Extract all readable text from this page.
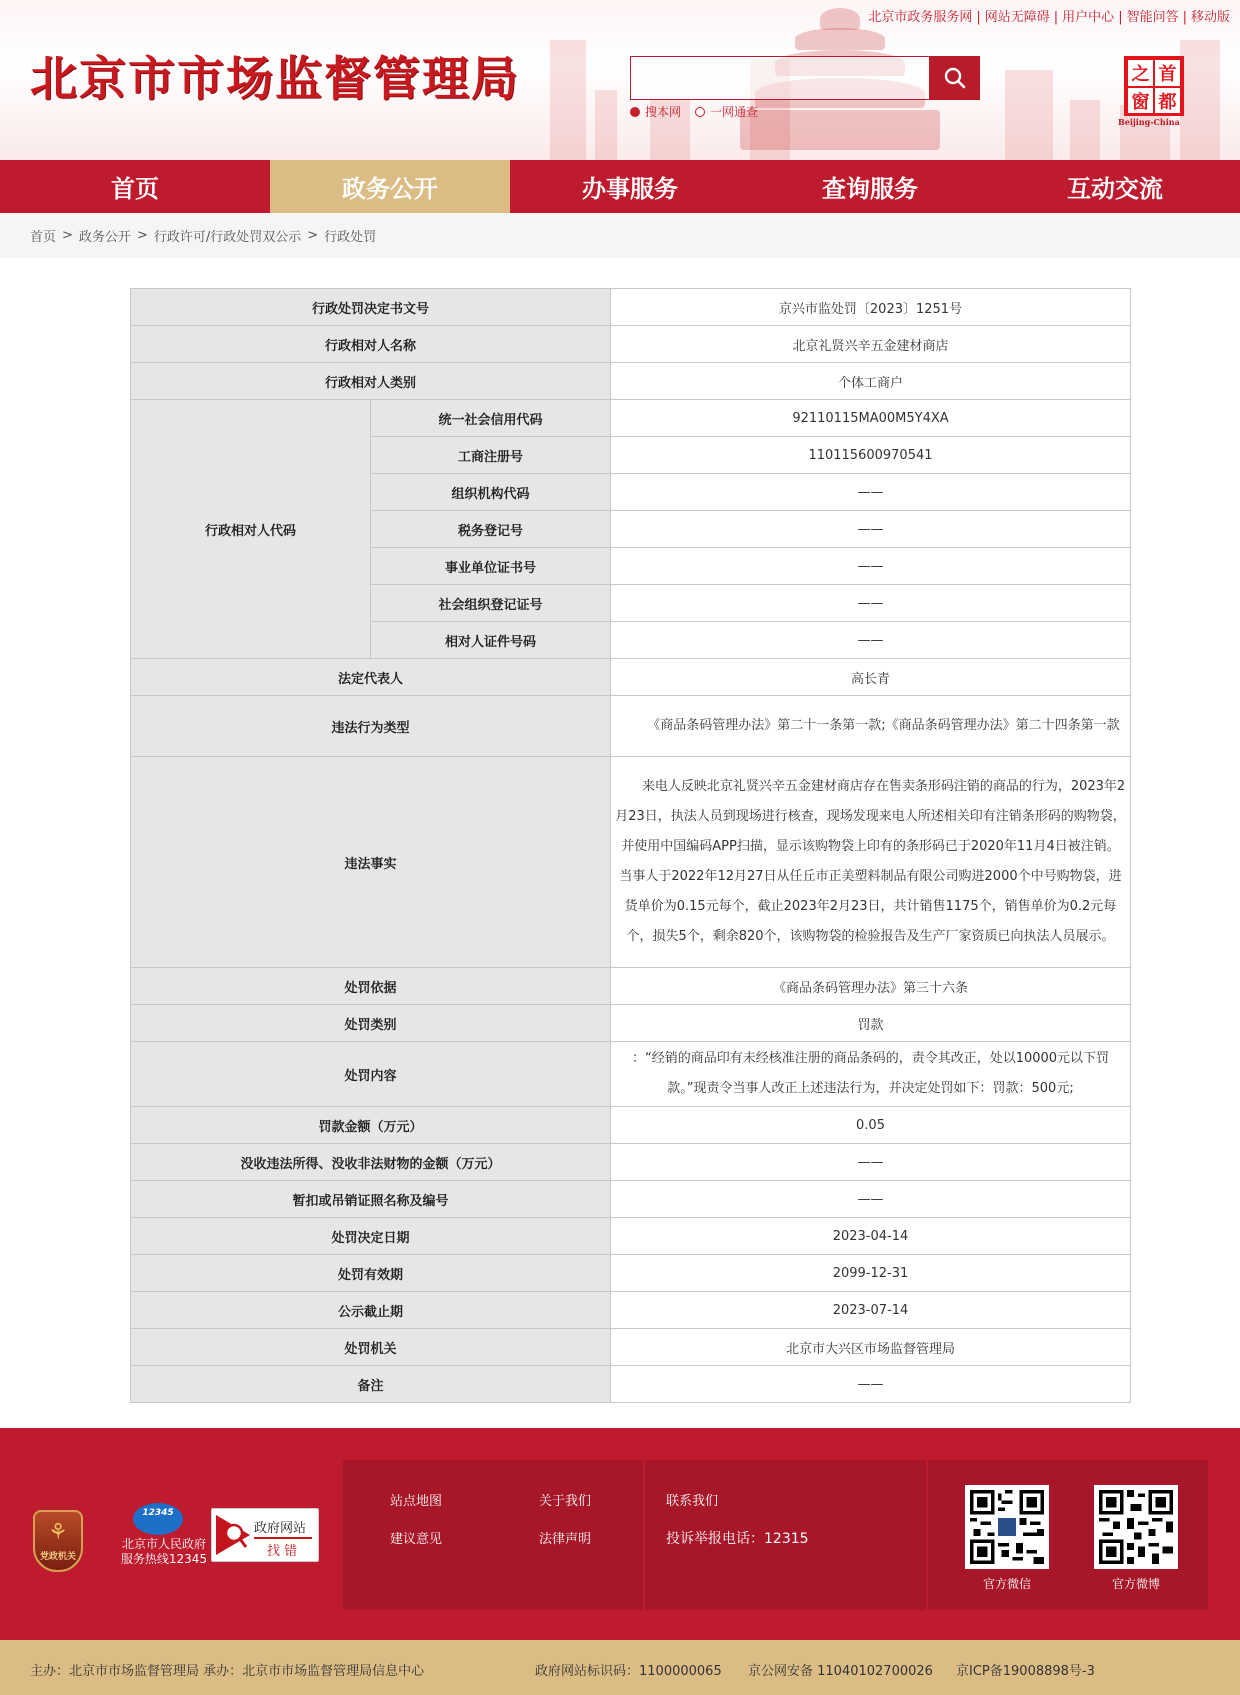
北京市市场监督管理局
北京市政务服务网 | 网站无障碍 | 用户中心 | 智能问答 | 移动版
搜本网	一网通查
之 首
窗 都
Beijing-China
首页	政务公开	办事服务	查询服务	互动交流
首页 > 政务公开 > 行政许可/行政处罚双公示 > 行政处罚
行政处罚决定书文号		京兴市监处罚〔2023〕1251号
行政相对人名称		北京礼贤兴辛五金建材商店
行政相对人类别		个体工商户
行政相对人代码	统一社会信用代码	92110115MA00M5Y4XA
	工商注册号	110115600970541
	组织机构代码	——
	税务登记号	——
	事业单位证书号	——
	社会组织登记证号	——
	相对人证件号码	——
法定代表人		高长青
违法行为类型		《商品条码管理办法》第二十一条第一款;《商品条码管理办法》第二十四条第一款
违法事实		来电人反映北京礼贤兴辛五金建材商店存在售卖条形码注销的商品的行为，2023年2月23日，执法人员到现场进行核查，现场发现来电人所述相关印有注销条形码的购物袋，并使用中国编码APP扫描，显示该购物袋上印有的条形码已于2020年11月4日被注销。当事人于2022年12月27日从任丘市正美塑料制品有限公司购进2000个中号购物袋，进货单价为0.15元每个，截止2023年2月23日，共计销售1175个，销售单价为0.2元每个，损失5个，剩余820个，该购物袋的检验报告及生产厂家资质已向执法人员展示。
处罚依据		《商品条码管理办法》第三十六条
处罚类别		罚款
处罚内容		：“经销的商品印有未经核准注册的商品条码的，责令其改正，处以10000元以下罚款。”现责令当事人改正上述违法行为，并决定处罚如下：罚款：500元;
罚款金额（万元）		0.05
没收违法所得、没收非法财物的金额（万元）		——
暂扣或吊销证照名称及编号		——
处罚决定日期		2023-04-14
处罚有效期		2099-12-31
公示截止期		2023-07-14
处罚机关		北京市大兴区市场监督管理局
备注		——
⚘
党政机关
12345
北京市人民政府
服务热线12345
政府网站
找 错
站点地图	关于我们
建议意见	法律声明
联系我们
投诉举报电话：12315
官方微信	官方微博
主办：北京市市场监督管理局 承办：北京市市场监督管理局信息中心	政府网站标识码：1100000065 京公网安备 11040102700026 京ICP备19008898号-3
